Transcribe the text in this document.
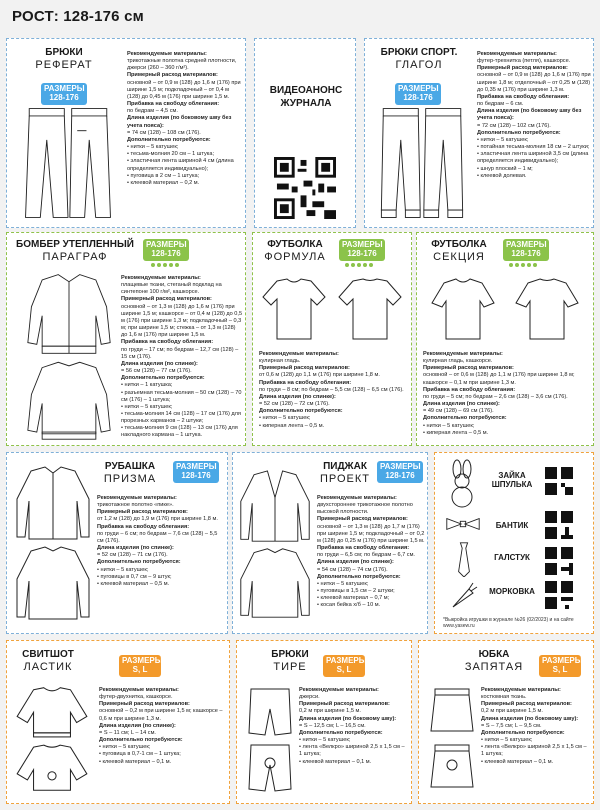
РОСТ: 128-176 см
БРЮКИ
РЕФЕРАТ
РАЗМЕРЫ
128-176
Рекомендуемые материалы:
трикотажные полотна средней плотности, джерси (260 – 360 г/м²).
Примерный расход материалов:
основной – от 0,9 м (128) до 1,6 м (176) при ширине 1,5 м; подкладочный – от 0,4 м (128) до 0,45 м (176) при ширине 1,5 м.
Прибавка на свободу облегания:
по бедрам – 4,5 см.
Длина изделия (по боковому шву без учета пояса):
= 74 см (128) – 108 см (176).
Дополнительно потребуются:
• нитки – 5 катушек;
• тесьма-молния 20 см – 1 штука;
• эластичная лента шириной 4 см (длина определяется индивидуально);
• пуговица в 2 см – 1 штука;
• клеевой материал – 0,2 м.
ВИДЕОАНОНС ЖУРНАЛА
БРЮКИ СПОРТ.
ГЛАГОЛ
РАЗМЕРЫ
128-176
Рекомендуемые материалы:
футер-трехнитка (петля), кашкорсе.
Примерный расход материалов:
основной – от 0,9 м (128) до 1,6 м (176) при ширине 1,8 м; отделочный – от 0,25 м (128) до 0,35 м (176) при ширине 1,3 м.
Прибавка на свободу облегания:
по бедрам – 6 см.
Длина изделия (по боковому шву без учета пояса):
= 72 см (128) – 102 см (176).
Дополнительно потребуются:
• нитки – 5 катушек;
• потайная тесьма-молния 18 см – 2 штуки;
• эластичная лента шириной 3,5 см (длина определяется индивидуально);
• шнур плоский – 1 м;
• клеевой долевая.
БОМБЕР УТЕПЛЕННЫЙ
ПАРАГРАФ
РАЗМЕРЫ
128-176
Рекомендуемые материалы:
плащевые ткани, стеганый подклад на синтепоне 100 г/м², кашкорсе.
Примерный расход материалов:
основной – от 1,3 м (128) до 1,6 м (176) при ширине 1,5 м; кашкорсе – от 0,4 м (128) до 0,5 м (176) при ширине 1,3 м; подкладочный – 0,3 м; при ширине 1,5 м; стежка – от 1,3 м (128) до 1,6 м (176) при ширине 1,5 м.
Прибавка на свободу облегания:
по груди – 17 см; по бедрам – 12,7 см (128) – 15 см (176).
Длина изделия (по спинке):
= 56 см (128) – 77 см (176).
Дополнительно потребуются:
• нитки – 1 катушка;
• разъемная тесьма-молния – 50 см (128) – 70 см (176) – 1 штука;
• нитки – 5 катушек;
• тесьма-молния 14 см (128) – 17 см (176) для прорезных карманов – 2 штуки;
• тесьма-молния 9 см (128) – 13 см (176) для накладного кармана – 1 штука.
ФУТБОЛКА
ФОРМУЛА
РАЗМЕРЫ
128-176
Рекомендуемые материалы:
кулирная гладь.
Примерный расход материалов:
от 0,6 м (128) до 1,1 м (176) при ширине 1,8 м.
Прибавка на свободу облегания:
по груди – 8 см; по бедрам – 5,5 см (128) – 6,5 см (176).
Длина изделия (по спинке):
= 52 см (128) – 72 см (176).
Дополнительно потребуются:
• нитки – 5 катушек;
• киперная лента – 0,5 м.
ФУТБОЛКА
СЕКЦИЯ
РАЗМЕРЫ
128-176
Рекомендуемые материалы:
кулирная гладь, кашкорсе.
Примерный расход материалов:
основной – от 0,6 м (128) до 1,1 м (176) при ширине 1,8 м; кашкорсе – 0,1 м при ширине 1,3 м.
Прибавка на свободу облегания:
по груди – 5 см; по бедрам – 2,6 см (128) – 3,6 см (176).
Длина изделия (по спинке):
= 49 см (128) – 69 см (176).
Дополнительно потребуются:
• нитки – 5 катушек;
• киперная лента – 0,5 м.
РУБАШКА
ПРИЗМА
РАЗМЕРЫ
128-176
Рекомендуемые материалы:
трикотажное полотно «пике».
Примерный расход материалов:
от 1,2 м (128) до 1,9 м (176) при ширине 1,8 м.
Прибавка на свободу облегания:
по груди – 6 см; по бедрам – 7,6 см (128) – 5,5 см (176).
Длина изделия (по спинке):
= 52 см (128) – 71 см (176).
Дополнительно потребуются:
• нитки – 5 катушек;
• пуговицы в 0,7 см – 9 штук;
• клеевой материал – 0,5 м.
ПИДЖАК
ПРОЕКТ
РАЗМЕРЫ
128-176
Рекомендуемые материалы:
двухстороннее трикотажное полотно высокой плотности.
Примерный расход материалов:
основной – от 1,3 м (128) до 1,7 м (176) при ширине 1,5 м; подкладочный – от 0,2 м (128) до 0,25 м (176) при ширине 1,5 м.
Прибавка на свободу облегания:
по груди – 6,5 см; по бедрам – 6,7 см.
Длина изделия (по спинке):
= 54 см (128) – 74 см (176).
Дополнительно потребуются:
• нитки – 5 катушек;
• пуговицы в 1,5 см – 2 штуки;
• клеевой материал – 0,7 м;
• косая бейка х/б – 10 м.
ЗАЙКА
ШПУЛЬКА
БАНТИК
ГАЛСТУК
МОРКОВКА
*Выкройка игрушки в журнале №26 (02/2023) и на сайте www.yasew.ru
СВИТШОТ
ЛАСТИК	РАЗМЕРЫ
S, L
Рекомендуемые материалы:
футер-двухнитка, кашкорсе.
Примерный расход материалов:
основной – 0,2 м при ширине 1,5 м; кашкорсе – 0,6 м при ширине 1,3 м.
Длина изделия (по спинке):
= S – 11 см; L – 14 см.
Дополнительно потребуются:
• нитки – 5 катушек;
• пуговица в 0,7-1 см – 1 штука;
• клеевой материал – 0,1 м.
БРЮКИ
ТИРЕ	РАЗМЕРЫ
S, L
Рекомендуемые материалы:
джерси.
Примерный расход материалов:
0,2 м при ширине 1,5 м.
Длина изделия (по боковому шву):
= S – 12,5 см; L – 16,5 см.
Дополнительно потребуются:
• нитки – 5 катушек;
• лента «Велкро» шириной 2,5 х 1,5 см – 1 штука;
• клеевой материал – 0,1 м.
ЮБКА
ЗАПЯТАЯ	РАЗМЕРЫ
S, L
Рекомендуемые материалы:
костюмная ткань.
Примерный расход материалов:
0,2 м при ширине 1,5 м.
Длина изделия (по боковому шву):
= S – 7,5 см; L – 9,5 см.
Дополнительно потребуются:
• нитки – 5 катушек;
• лента «Велкро» шириной 2,5 х 1,5 см – 1 штука;
• клеевой материал – 0,1 м.
